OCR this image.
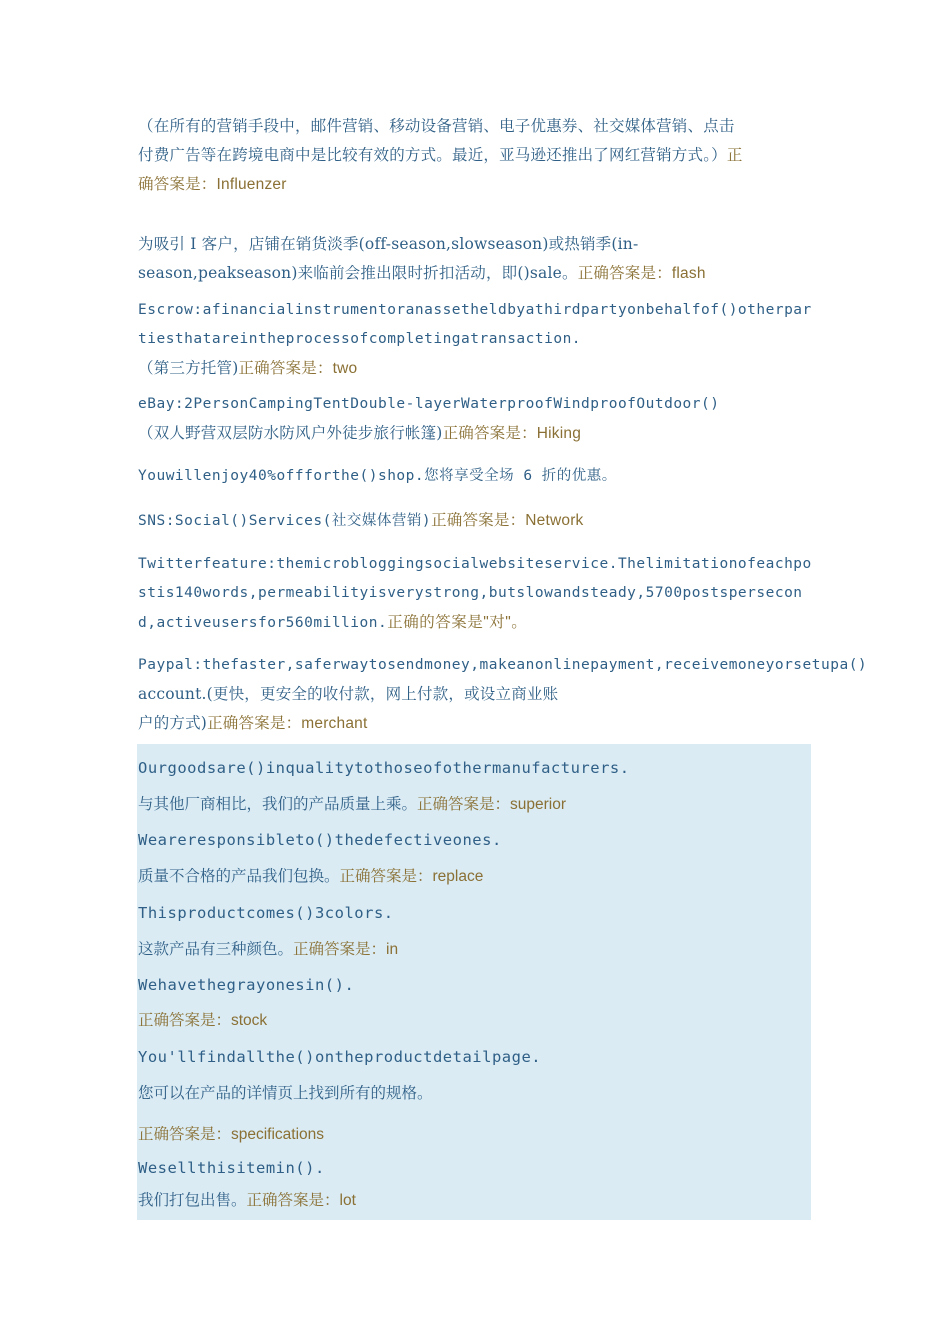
（在所有的营销手段中，邮件营销、移动设备营销、电子优惠券、社交媒体营销、点击
付费广告等在跨境电商中是比较有效的方式。最近，亚马逊还推出了网红营销方式。）正
确答案是：Influenzer
为吸引 I 客户，店铺在销货淡季(off-season,slowseason)或热销季(in-
season,peakseason)来临前会推出限时折扣活动，即()sale。正确答案是：flash
Escrow:afinancialinstrumentoranassetheldbyathirdpartyonbehalfof()otherpartiesthatareintheprocessofcompletingatransaction.
（第三方托管)正确答案是：two
eBay:2PersonCampingTentDouble-layerWaterproofWindproofOutdoor()
（双人野营双层防水防风户外徒步旅行帐篷)正确答案是：Hiking
Youwillenjoy40%offforthe()shop.您将享受全场 6 折的优惠。
SNS:Social()Services(社交媒体营销)正确答案是：Network
Twitterfeature:themicrobloggingsocialwebsiteservice.Thelimitationofeachpostis140words,permeabilityisverystrong,butslowandsteady,5700postspersecond,activeusersfor560million.正确的答案是"对"。
Paypal:thefaster,saferwaytosendmoney,makeanonlinepayment,receivemoneyorsetupa()
account.(更快，更安全的收付款，网上付款，或设立商业账
户的方式)正确答案是：merchant
Ourgoodsare()inqualitytothoseofothermanufacturers.
与其他厂商相比，我们的产品质量上乘。正确答案是：superior
Weareresponsibleto()thedefectiveones.
质量不合格的产品我们包换。正确答案是：replace
Thisproductcomes()3colors.
这款产品有三种颜色。正确答案是：in
Wehavethegrayonesin().
正确答案是：stock
You'llfindallthe()ontheproductdetailpage.
您可以在产品的详情页上找到所有的规格。
正确答案是：specifications
Wesellthisitemin().
我们打包出售。正确答案是：lot
